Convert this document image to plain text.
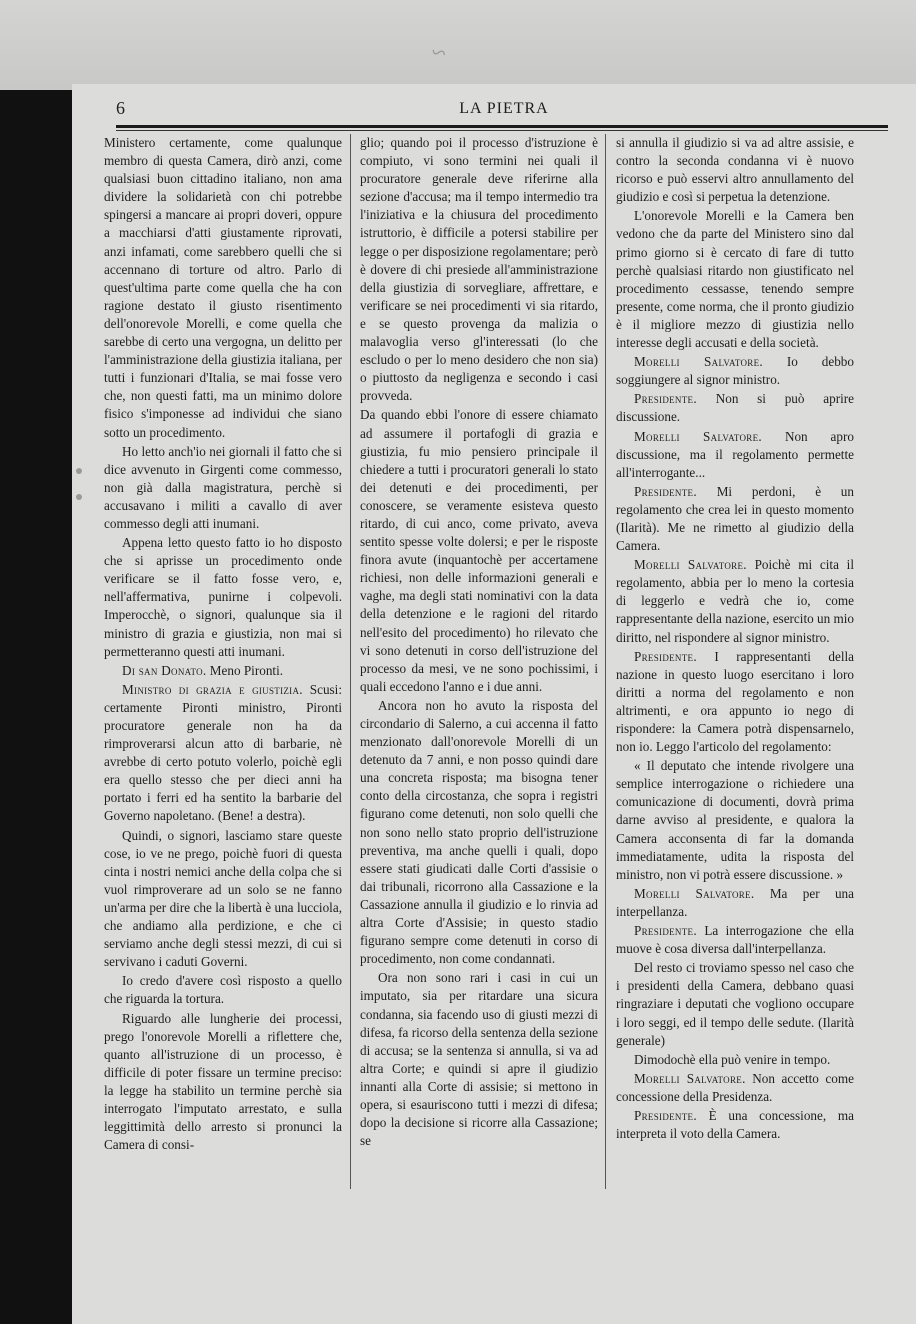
~
6	LA PIETRA

Ministero certamente, come qualunque membro di questa Camera, dirò anzi, come qualsiasi buon cittadino italiano, non ama dividere la solidarietà con chi potrebbe spingersi a mancare ai propri doveri, oppure a macchiarsi d'atti giustamente riprovati, anzi infamati, come sarebbero quelli che si accennano di torture od altro. Parlo di quest'ultima parte come quella che ha con ragione destato il giusto risentimento dell'onorevole Morelli, e come quella che sarebbe di certo una vergogna, un delitto per l'amministrazione della giustizia italiana, per tutti i funzionari d'Italia, se mai fosse vero che, non questi fatti, ma un minimo dolore fisico s'imponesse ad individui che siano sotto un procedimento.

Ho letto anch'io nei giornali il fatto che si dice avvenuto in Girgenti come commesso, non già dalla magistratura, perchè si accusavano i militi a cavallo di aver commesso degli atti inumani.

Appena letto questo fatto io ho disposto che si aprisse un procedimento onde verificare se il fatto fosse vero, e, nell'affermativa, punirne i colpevoli. Imperocchè, o signori, qualunque sia il ministro di grazia e giustizia, non mai si permetteranno questi atti inumani.

Di san Donato. Meno Pironti.

Ministro di grazia e giustizia. Scusi: certamente Pironti ministro, Pironti procuratore generale non ha da rimproverarsi alcun atto di barbarie, nè avrebbe di certo potuto volerlo, poichè egli era quello stesso che per dieci anni ha portato i ferri ed ha sentito la barbarie del Governo napoletano. (Bene! a destra).

Quindi, o signori, lasciamo stare queste cose, io ve ne prego, poichè fuori di questa cinta i nostri nemici anche della colpa che si vuol rimproverare ad un solo se ne fanno un'arma per dire che la libertà è una lucciola, che andiamo alla perdizione, e che ci serviamo anche degli stessi mezzi, di cui si servivano i caduti Governi.

Io credo d'avere così risposto a quello che riguarda la tortura.

Riguardo alle lungherie dei processi, prego l'onorevole Morelli a riflettere che, quanto all'istruzione di un processo, è difficile di poter fissare un termine preciso: la legge ha stabilito un termine perchè sia interrogato l'imputato arrestato, e sulla leggittimità dello arresto si pronunci la Camera di consi-

glio; quando poi il processo d'istruzione è compiuto, vi sono termini nei quali il procuratore generale deve riferirne alla sezione d'accusa; ma il tempo intermedio tra l'iniziativa e la chiusura del procedimento istruttorio, è difficile a potersi stabilire per legge o per disposizione regolamentare; però è dovere di chi presiede all'amministrazione della giustizia di sorvegliare, affrettare, e verificare se nei procedimenti vi sia ritardo, e se questo provenga da malizia o malavoglia verso gl'interessati (lo che escludo o per lo meno desidero che non sia) o piuttosto da negligenza e secondo i casi provveda.

Da quando ebbi l'onore di essere chiamato ad assumere il portafogli di grazia e giustizia, fu mio pensiero principale il chiedere a tutti i procuratori generali lo stato dei detenuti e dei procedimenti, per conoscere, se veramente esisteva questo ritardo, di cui anco, come privato, aveva sentito spesse volte dolersi; e per le risposte finora avute (inquantochè per accertamene richiesi, non delle informazioni generali e vaghe, ma degli stati nominativi con la data della detenzione e le ragioni del ritardo nell'esito del procedimento) ho rilevato che vi sono detenuti in corso dell'istruzione del processo da mesi, ve ne sono pochissimi, i quali eccedono l'anno e i due anni.

Ancora non ho avuto la risposta del circondario di Salerno, a cui accenna il fatto menzionato dall'onorevole Morelli di un detenuto da 7 anni, e non posso quindi dare una concreta risposta; ma bisogna tener conto della circostanza, che sopra i registri figurano come detenuti, non solo quelli che non sono nello stato proprio dell'istruzione preventiva, ma anche quelli i quali, dopo essere stati giudicati dalle Corti d'assisie o dai tribunali, ricorrono alla Cassazione e la Cassazione annulla il giudizio e lo rinvia ad altra Corte d'Assisie; in questo stadio figurano sempre come detenuti in corso di procedimento, non come condannati.

Ora non sono rari i casi in cui un imputato, sia per ritardare una sicura condanna, sia facendo uso di giusti mezzi di difesa, fa ricorso della sentenza della sezione di accusa; se la sentenza si annulla, si va ad altra Corte; e quindi si apre il giudizio innanti alla Corte di assisie; si mettono in opera, si esauriscono tutti i mezzi di difesa; dopo la decisione si ricorre alla Cassazione; se

si annulla il giudizio si va ad altre assisie, e contro la seconda condanna vi è nuovo ricorso e può esservi altro annullamento del giudizio e così si perpetua la detenzione.

L'onorevole Morelli e la Camera ben vedono che da parte del Ministero sino dal primo giorno si è cercato di fare di tutto perchè qualsiasi ritardo non giustificato nel procedimento cessasse, tenendo sempre presente, come norma, che il pronto giudizio è il migliore mezzo di giustizia nello interesse degli accusati e della società.

Morelli Salvatore. Io debbo soggiungere al signor ministro.

Presidente. Non si può aprire discussione.

Morelli Salvatore. Non apro discussione, ma il regolamento permette all'interrogante...

Presidente. Mi perdoni, è un regolamento che crea lei in questo momento (Ilarità). Me ne rimetto al giudizio della Camera.

Morelli Salvatore. Poichè mi cita il regolamento, abbia per lo meno la cortesia di leggerlo e vedrà che io, come rappresentante della nazione, esercito un mio diritto, nel rispondere al signor ministro.

Presidente. I rappresentanti della nazione in questo luogo esercitano i loro diritti a norma del regolamento e non altrimenti, e ora appunto io nego di rispondere: la Camera potrà dispensarnelo, non io. Leggo l'articolo del regolamento:

« Il deputato che intende rivolgere una semplice interrogazione o richiedere una comunicazione di documenti, dovrà prima darne avviso al presidente, e qualora la Camera acconsenta di far la domanda immediatamente, udita la risposta del ministro, non vi potrà essere discussione. »

Morelli Salvatore. Ma per una interpellanza.

Presidente. La interrogazione che ella muove è cosa diversa dall'interpellanza.

Del resto ci troviamo spesso nel caso che i presidenti della Camera, debbano quasi ringraziare i deputati che vogliono occupare i loro seggi, ed il tempo delle sedute. (Ilarità generale)

Dimodochè ella può venire in tempo.

Morelli Salvatore. Non accetto come concessione della Presidenza.

Presidente. È una concessione, ma interpreta il voto della Camera.
